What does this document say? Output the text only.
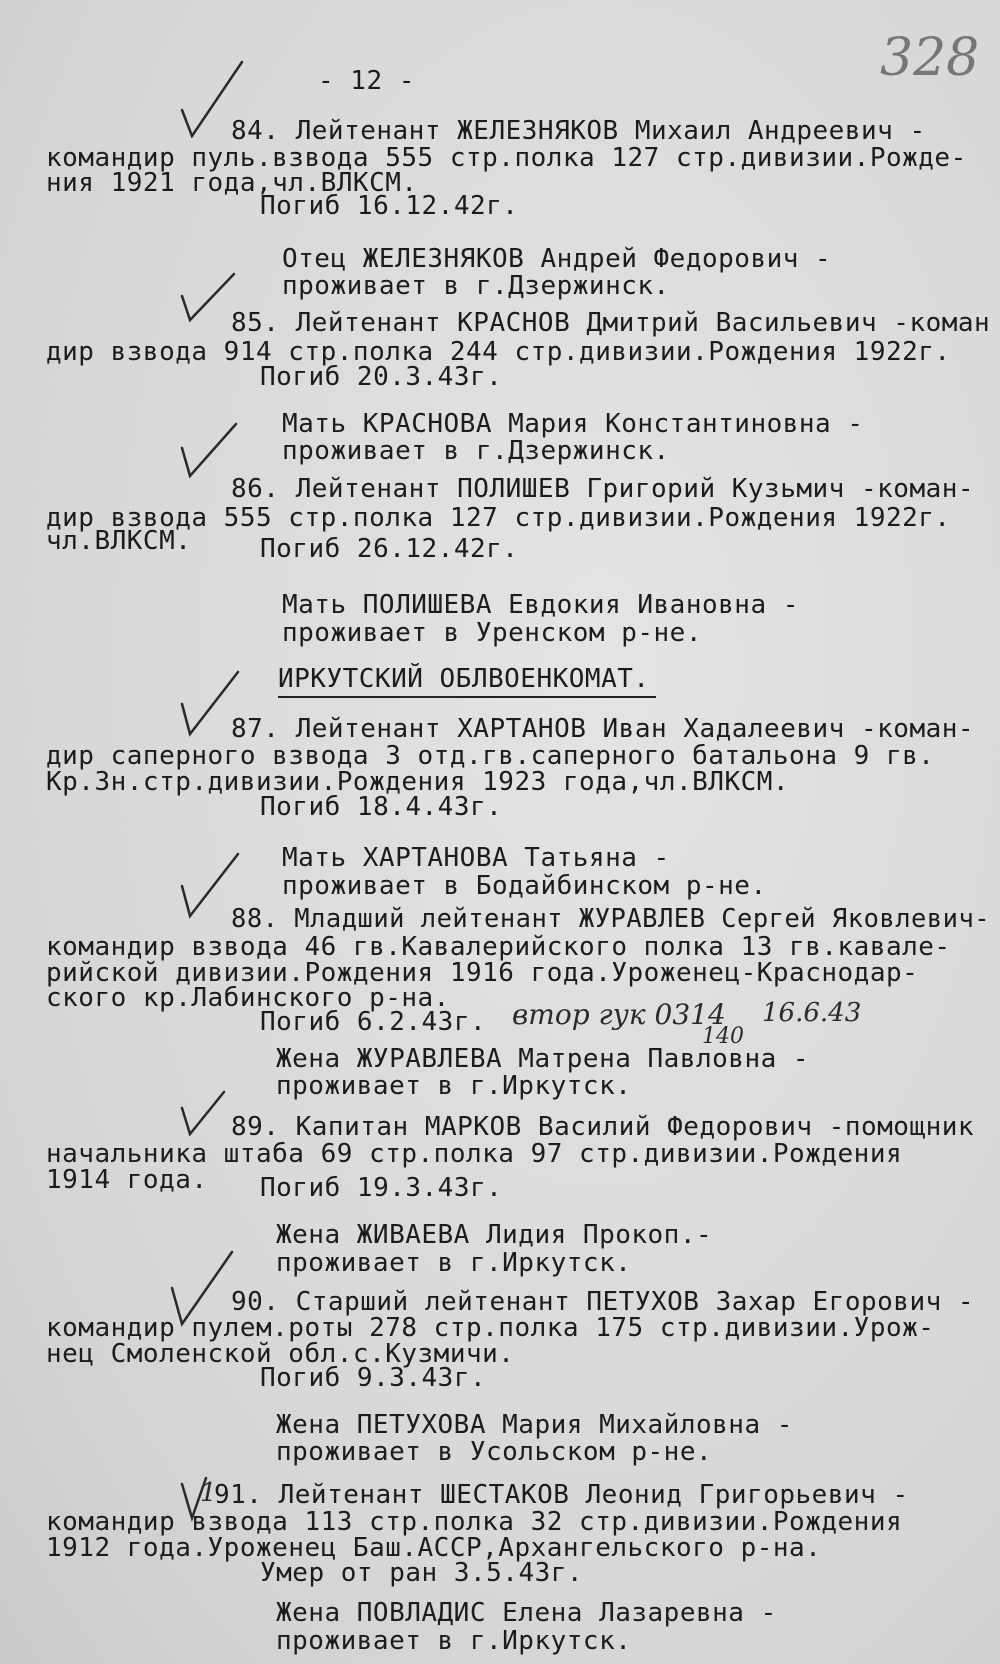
328
- 12 -
84. Лейтенант ЖЕЛЕЗНЯКОВ Михаил Андреевич -
командир пуль.взвода 555 стр.полка 127 стр.дивизии.Рожде-
ния 1921 года,чл.ВЛКСМ.
Погиб 16.12.42г.
Отец ЖЕЛЕЗНЯКОВ Андрей Федорович -
проживает в г.Дзержинск.
85. Лейтенант КРАСНОВ Дмитрий Васильевич -коман
дир взвода 914 стр.полка 244 стр.дивизии.Рождения 1922г.
Погиб 20.3.43г.
Мать КРАСНОВА Мария Константиновна -
проживает в г.Дзержинск.
86. Лейтенант ПОЛИШЕВ Григорий Кузьмич -коман-
дир взвода 555 стр.полка 127 стр.дивизии.Рождения 1922г.
чл.ВЛКСМ.	Погиб 26.12.42г.
Мать ПОЛИШЕВА Евдокия Ивановна -
проживает в Уренском р-не.
ИРКУТСКИЙ ОБЛВОЕНКОМАТ.
87. Лейтенант ХАРТАНОВ Иван Хадалеевич -коман-
дир саперного взвода 3 отд.гв.саперного батальона 9 гв.
Кр.Зн.стр.дивизии.Рождения 1923 года,чл.ВЛКСМ.
Погиб 18.4.43г.
Мать ХАРТАНОВА Татьяна -
проживает в Бодайбинском р-не.
88. Младший лейтенант ЖУРАВЛЕВ Сергей Яковлевич-
командир взвода 46 гв.Кавалерийского полка 13 гв.кавале-
рийской дивизии.Рождения 1916 года.Уроженец-Краснодар-
ского кр.Лабинского р-на.
Погиб 6.2.43г. втор гук 0314
140
16.6.43
Жена ЖУРАВЛЕВА Матрена Павловна -
проживает в г.Иркутск.
89. Капитан МАРКОВ Василий Федорович -помощник
начальника штаба 69 стр.полка 97 стр.дивизии.Рождения
1914 года. Погиб 19.3.43г.
Жена ЖИВАЕВА Лидия Прокоп.-
проживает в г.Иркутск.
90. Старший лейтенант ПЕТУХОВ Захар Егорович -
командир пулем.роты 278 стр.полка 175 стр.дивизии.Урож-
нец Смоленской обл.с.Кузмичи.
Погиб 9.3.43г.
Жена ПЕТУХОВА Мария Михайловна -
проживает в Усольском р-не.
1
91. Лейтенант ШЕСТАКОВ Леонид Григорьевич -
командир взвода 113 стр.полка 32 стр.дивизии.Рождения
1912 года.Уроженец Баш.АССР,Архангельского р-на.
Умер от ран 3.5.43г.
Жена ПОВЛАДИС Елена Лазаревна -
проживает в г.Иркутск.
